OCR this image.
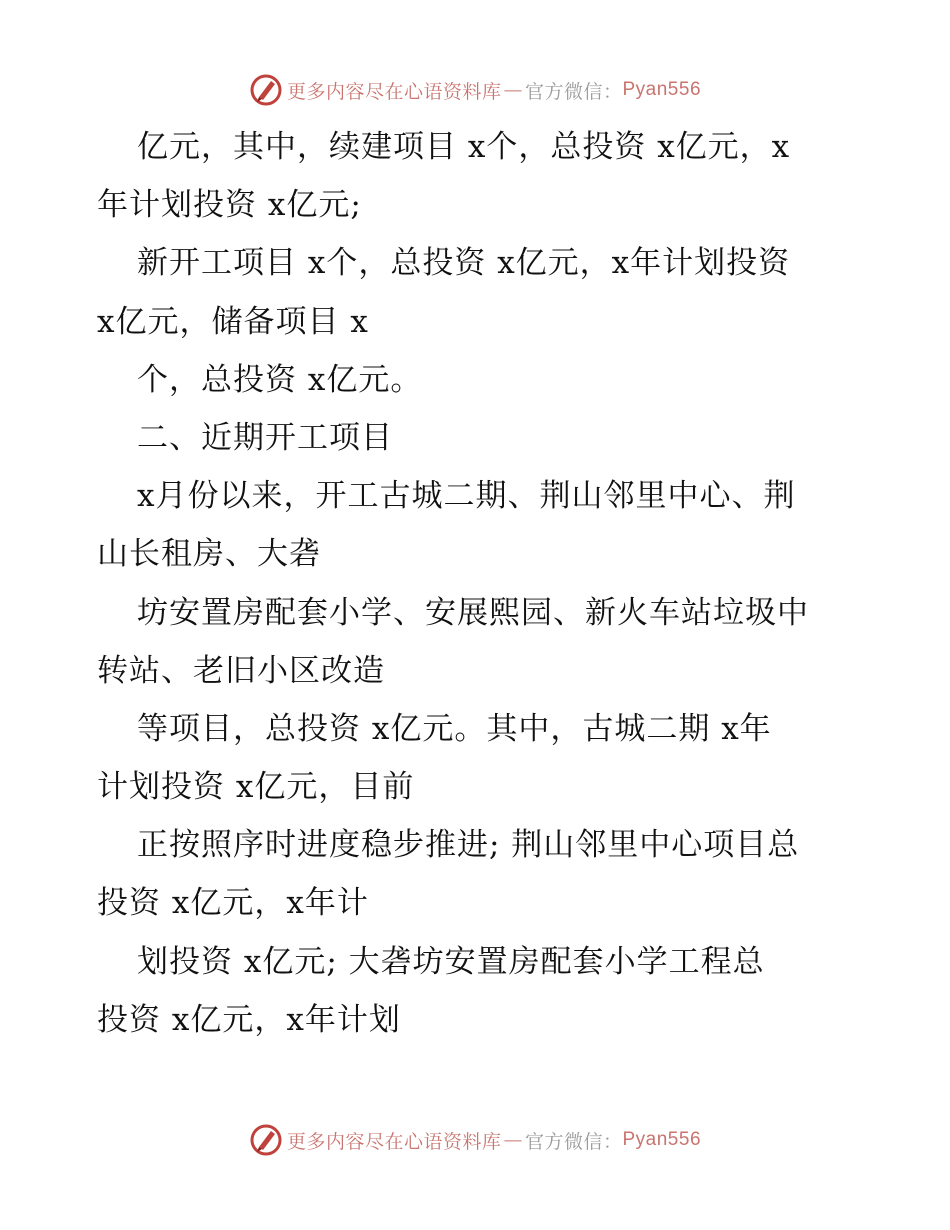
更多内容尽在心语资料库 — 官方微信： Pyan556
亿元，其中，续建项目 x个，总投资 x亿元，x
年计划投资 x亿元;
新开工项目 x个，总投资 x亿元，x年计划投资
x亿元，储备项目 x
个，总投资 x亿元。
二、近期开工项目
x月份以来，开工古城二期、荆山邻里中心、荆
山长租房、大砻
坊安置房配套小学、安展熙园、新火车站垃圾中
转站、老旧小区改造
等项目，总投资 x亿元。其中，古城二期 x年
计划投资 x亿元，目前
正按照序时进度稳步推进; 荆山邻里中心项目总
投资 x亿元，x年计
划投资 x亿元; 大砻坊安置房配套小学工程总
投资 x亿元，x年计划
更多内容尽在心语资料库 — 官方微信： Pyan556
